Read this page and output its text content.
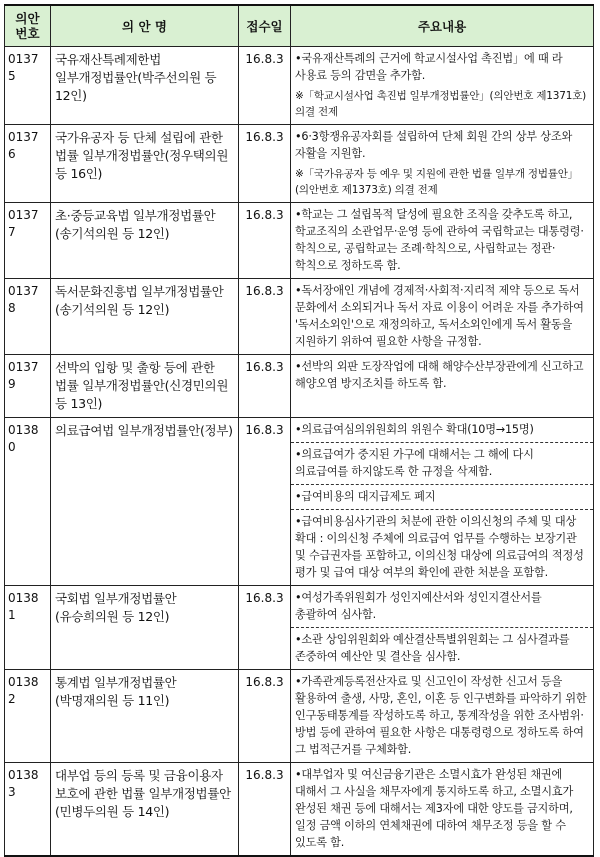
의안
번호	의 안 명	접수일	주요내용
01375	국유재산특례제한법 일부개정법률안(박주선의원 등 12인)	16.8.3	•국유재산특례의 근거에 학교시설사업 촉진법」에 때 라 사용료 등의 감면을 추가함.
※「학교시설사업 촉진법 일부개정법률안」(의안번호 제1371호)의결 전제

01376	국가유공자 등 단체 설립에 관한 법률 일부개정법률안(정우택의원 등 16인)	16.8.3	•6·3항쟁유공자회를 설립하여 단체 회원 간의 상부 상조와 자활을 지원함.
※「국가유공자 등 예우 및 지원에 관한 법률 일부개 정법률안」(의안번호 제1373호) 의결 전제

01377	초·중등교육법 일부개정법률안(송기석의원 등 12인)	16.8.3	•학교는 그 설립목적 달성에 필요한 조직을 갖추도록 하고, 학교조직의 소관업무·운영 등에 관하여 국립학교는 대통령령·학칙으로, 공립학교는 조례·학칙으로, 사립학교는 정관·학칙으로 정하도록 함.

01378	독서문화진흥법 일부개정법률안(송기석의원 등 12인)	16.8.3	•독서장애인 개념에 경제적·사회적·지리적 제약 등으로 독서 문화에서 소외되거나 독서 자료 이용이 어려운 자를 추가하여 '독서소외인'으로 재정의하고, 독서소외인에게 독서 활동을 지원하기 위하여 필요한 사항을 규정함.

01379	선박의 입항 및 출항 등에 관한 법률 일부개정법률안(신경민의원 등 13인)	16.8.3	•선박의 외판 도장작업에 대해 해양수산부장관에게 신고하고 해양오염 방지조치를 하도록 함.

01380	의료급여법 일부개정법률안(정부)	16.8.3	•의료급여심의위원회의 위원수 확대(10명→15명)
•의료급여가 중지된 가구에 대해서는 그 해에 다시 의료급여를 하지않도록 한 규정을 삭제함.
•급여비용의 대지급제도 폐지
•급여비용심사기관의 처분에 관한 이의신청의 주체 및 대상 확대 : 이의신청 주체에 의료급여 업무를 수행하는 보장기관 및 수급권자를 포함하고, 이의신청 대상에 의료급여의 적정성 평가 및 급여 대상 여부의 확인에 관한 처분을 포함함.

01381	국회법 일부개정법률안(유승희의원 등 12인)	16.8.3	•여성가족위원회가 성인지예산서와 성인지결산서를 총괄하여 심사함.
•소관 상임위원회와 예산결산특별위원회는 그 심사결과를 존중하여 예산안 및 결산을 심사함.

01382	통계법 일부개정법률안(박명재의원 등 11인)	16.8.3	•가족관계등록전산자료 및 신고인이 작성한 신고서 등을 활용하여 출생, 사망, 혼인, 이혼 등 인구변화를 파악하기 위한 인구동태통계를 작성하도록 하고, 통계작성을 위한 조사범위·방법 등에 관하여 필요한 사항은 대통령령으로 정하도록 하여 그 법적근거를 구체화함.

01383	대부업 등의 등록 및 금융이용자 보호에 관한 법률 일부개정법률안(민병두의원 등 14인)	16.8.3	•대부업자 및 여신금융기관은 소멸시효가 완성된 채권에 대해서 그 사실을 채무자에게 통지하도록 하고, 소멸시효가 완성된 채권 등에 대해서는 제3자에 대한 양도를 금지하며, 일정 금액 이하의 연체채권에 대하여 채무조정 등을 할 수 있도록 함.
